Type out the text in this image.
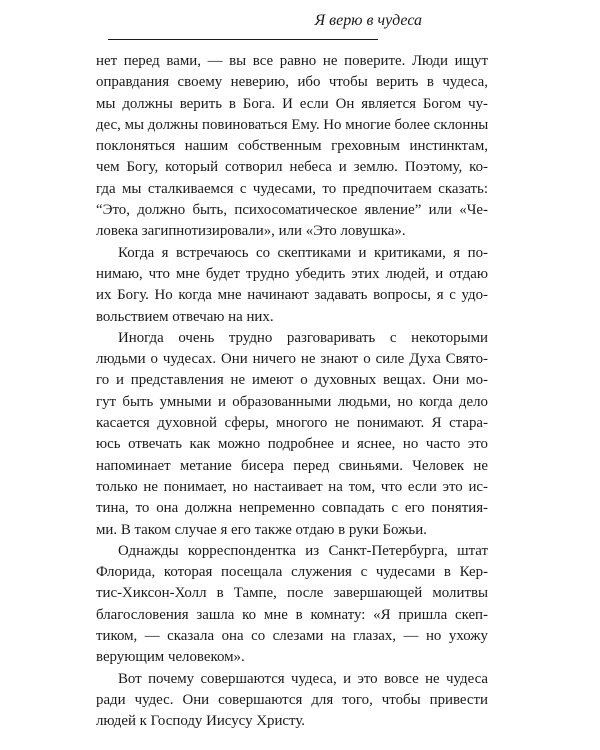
Я верю в чудеса
нет перед вами, — вы все равно не поверите. Люди ищут
оправдания своему неверию, ибо чтобы верить в чудеса,
мы должны верить в Бога. И если Он является Богом чу-
дес, мы должны повиноваться Ему. Но многие более склонны
поклоняться нашим собственным греховным инстинктам,
чем Богу, который сотворил небеса и землю. Поэтому, ко-
гда мы сталкиваемся с чудесами, то предпочитаем сказать:
“Это, должно быть, психосоматическое явление” или «Че-
ловека загипнотизировали», или «Это ловушка».
Когда я встречаюсь со скептиками и критиками, я по-
нимаю, что мне будет трудно убедить этих людей, и отдаю
их Богу. Но когда мне начинают задавать вопросы, я с удо-
вольствием отвечаю на них.
Иногда очень трудно разговаривать с некоторыми
людьми о чудесах. Они ничего не знают о силе Духа Свято-
го и представления не имеют о духовных вещах. Они мо-
гут быть умными и образованными людьми, но когда дело
касается духовной сферы, многого не понимают. Я стара-
юсь отвечать как можно подробнее и яснее, но часто это
напоминает метание бисера перед свиньями. Человек не
только не понимает, но настаивает на том, что если это ис-
тина, то она должна непременно совпадать с его понятия-
ми. В таком случае я его также отдаю в руки Божьи.
Однажды корреспондентка из Санкт-Петербурга, штат
Флорида, которая посещала служения с чудесами в Кер-
тис-Хиксон-Холл в Тампе, после завершающей молитвы
благословения зашла ко мне в комнату: «Я пришла скеп-
тиком, — сказала она со слезами на глазах, — но ухожу
верующим человеком».
Вот почему совершаются чудеса, и это вовсе не чудеса
ради чудес. Они совершаются для того, чтобы привести
людей к Господу Иисусу Христу.
